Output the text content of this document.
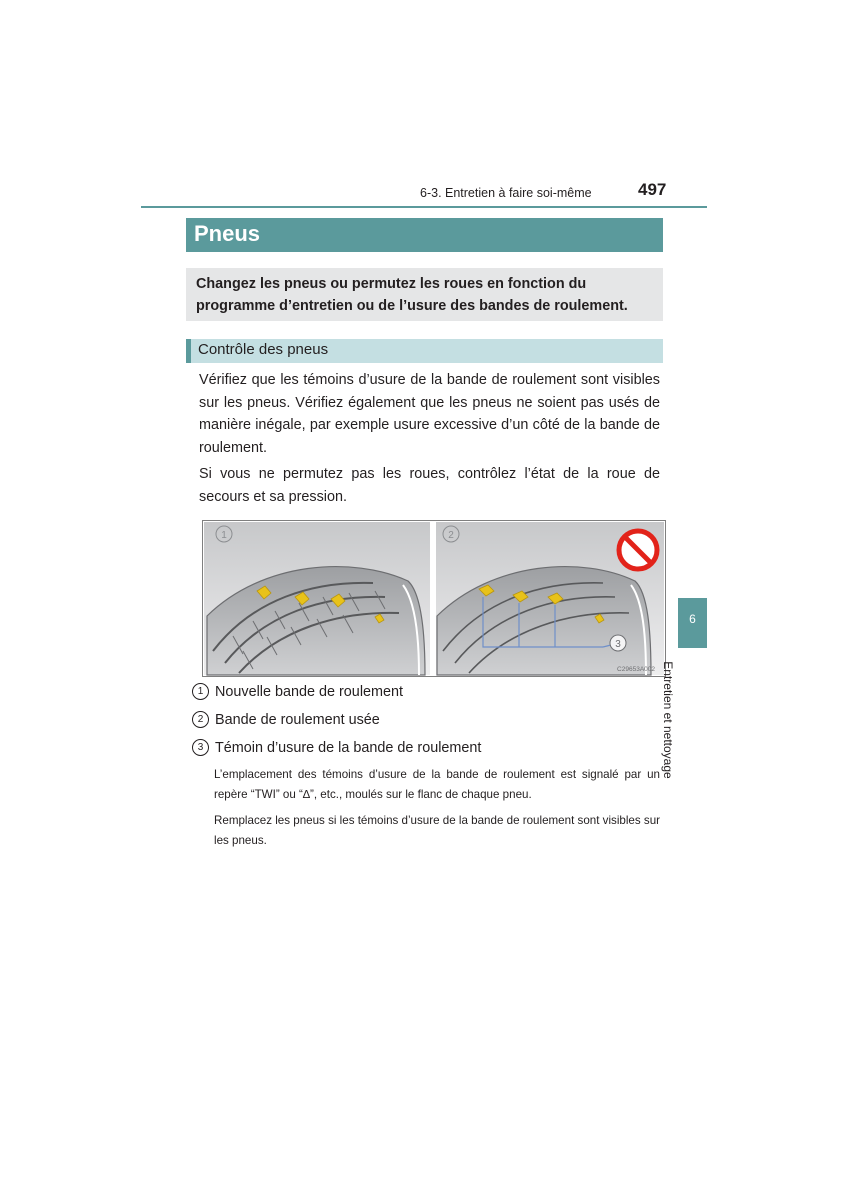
6-3. Entretien à faire soi-même	497
Pneus
Changez les pneus ou permutez les roues en fonction du programme d’entretien ou de l’usure des bandes de roulement.
Contrôle des pneus
Vérifiez que les témoins d’usure de la bande de roulement sont visibles sur les pneus. Vérifiez également que les pneus ne soient pas usés de manière inégale, par exemple usure excessive d’un côté de la bande de roulement.
Si vous ne permutez pas les roues, contrôlez l’état de la roue de secours et sa pression.
1
3
2
C29653A002
1 Nouvelle bande de roulement
2 Bande de roulement usée
3 Témoin d’usure de la bande de roulement
L’emplacement des témoins d’usure de la bande de roulement est signalé par un repère “TWI” ou “∆”, etc., moulés sur le flanc de chaque pneu.
Remplacez les pneus si les témoins d’usure de la bande de roulement sont visibles sur les pneus.
6
Entretien et nettoyage
